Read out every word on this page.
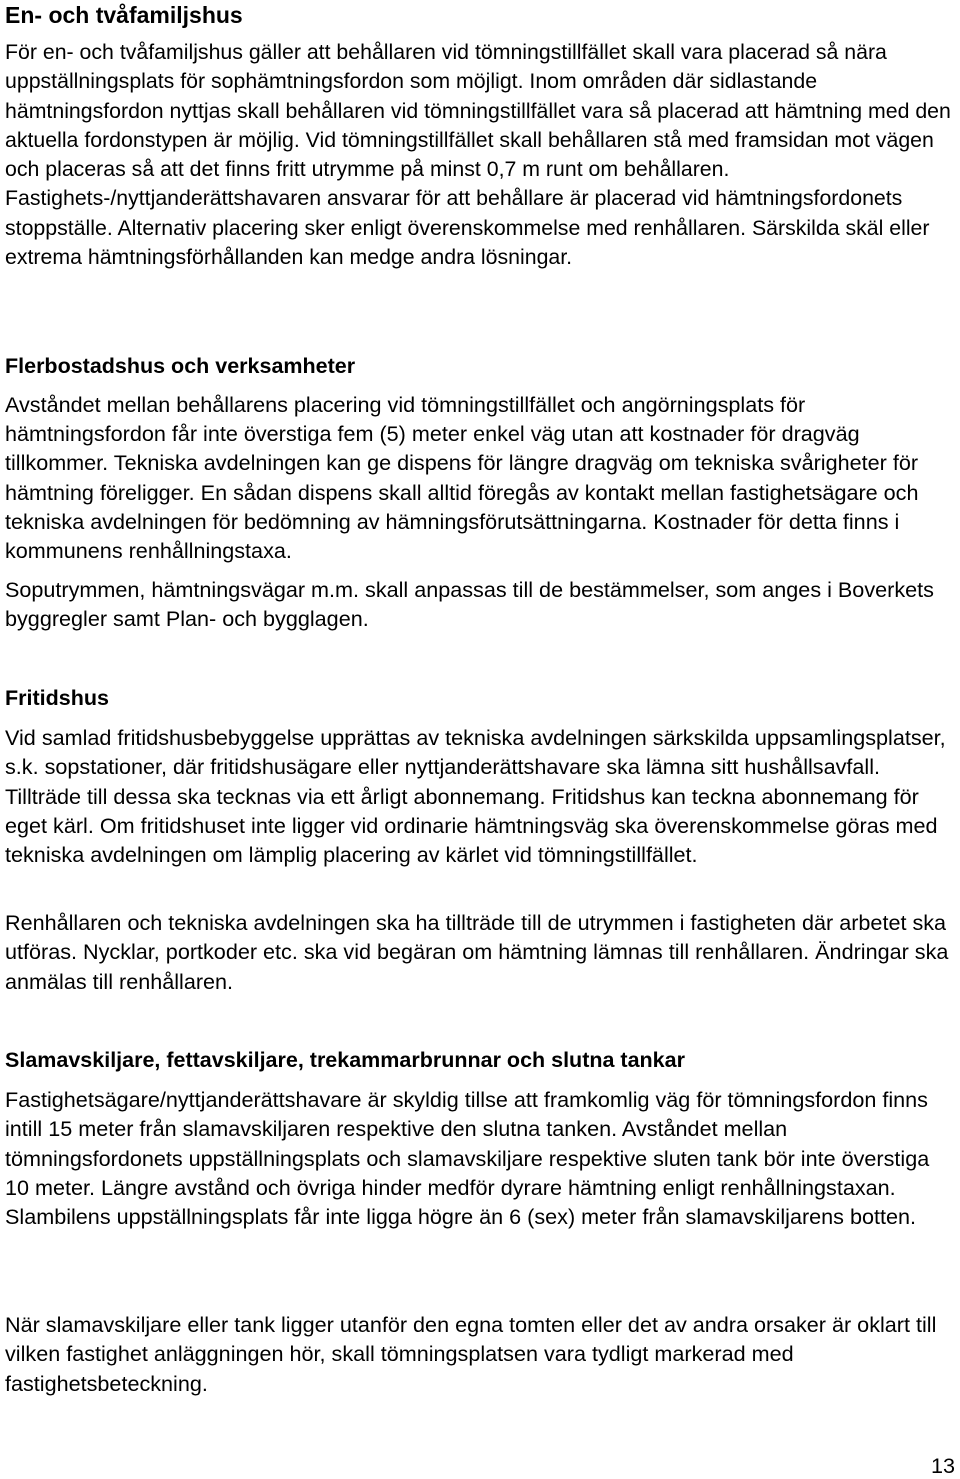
En- och tvåfamiljshus

För en- och tvåfamiljshus gäller att behållaren vid tömningstillfället skall vara placerad så nära uppställningsplats för sophämtningsfordon som möjligt. Inom områden där sidlastande hämtningsfordon nyttjas skall behållaren vid tömningstillfället vara så placerad att hämtning med den aktuella fordonstypen är möjlig. Vid tömningstillfället skall behållaren stå med framsidan mot vägen och placeras så att det finns fritt utrymme på minst 0,7 m runt om behållaren. Fastighets-/nyttjanderättshavaren ansvarar för att behållare är placerad vid hämtningsfordonets stoppställe. Alternativ placering sker enligt överenskommelse med renhållaren. Särskilda skäl eller extrema hämtningsförhållanden kan medge andra lösningar.

Flerbostadshus och verksamheter

Avståndet mellan behållarens placering vid tömningstillfället och angörningsplats för hämtningsfordon får inte överstiga fem (5) meter enkel väg utan att kostnader för dragväg tillkommer. Tekniska avdelningen kan ge dispens för längre dragväg om tekniska svårigheter för hämtning föreligger. En sådan dispens skall alltid föregås av kontakt mellan fastighetsägare och tekniska avdelningen för bedömning av hämningsförutsättningarna. Kostnader för detta finns i kommunens renhållningstaxa.

Soputrymmen, hämtningsvägar m.m. skall anpassas till de bestämmelser, som anges i Boverkets byggregler samt Plan- och bygglagen.

Fritidshus

Vid samlad fritidshusbebyggelse upprättas av tekniska avdelningen särkskilda uppsamlingsplatser, s.k. sopstationer, där fritidshusägare eller nyttjanderättshavare ska lämna sitt hushållsavfall. Tillträde till dessa ska tecknas via ett årligt abonnemang. Fritidshus kan teckna abonnemang för eget kärl. Om fritidshuset inte ligger vid ordinarie hämtningsväg ska överenskommelse göras med tekniska avdelningen om lämplig placering av kärlet vid tömningstillfället.

Renhållaren och tekniska avdelningen ska ha tillträde till de utrymmen i fastigheten där arbetet ska utföras. Nycklar, portkoder etc. ska vid begäran om hämtning lämnas till renhållaren. Ändringar ska anmälas till renhållaren.

Slamavskiljare, fettavskiljare, trekammarbrunnar och slutna tankar

Fastighetsägare/nyttjanderättshavare är skyldig tillse att framkomlig väg för tömningsfordon finns intill 15 meter från slamavskiljaren respektive den slutna tanken. Avståndet mellan tömningsfordonets uppställningsplats och slamavskiljare respektive sluten tank bör inte överstiga 10 meter. Längre avstånd och övriga hinder medför dyrare hämtning enligt renhållningstaxan. Slambilens uppställningsplats får inte ligga högre än 6 (sex) meter från slamavskiljarens botten.

När slamavskiljare eller tank ligger utanför den egna tomten eller det av andra orsaker är oklart till vilken fastighet anläggningen hör, skall tömningsplatsen vara tydligt markerad med fastighetsbeteckning.

13
